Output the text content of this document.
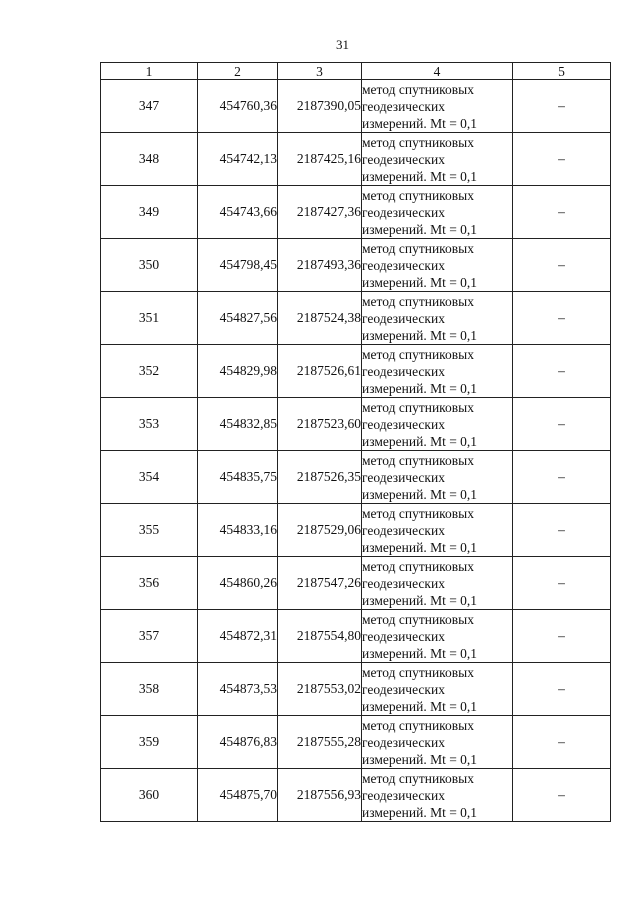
31
1	2	3	4	5
347	454760,36	2187390,05	метод спутниковых
геодезических
измерений. Mt = 0,1	–
348	454742,13	2187425,16	метод спутниковых
геодезических
измерений. Mt = 0,1	–
349	454743,66	2187427,36	метод спутниковых
геодезических
измерений. Mt = 0,1	–
350	454798,45	2187493,36	метод спутниковых
геодезических
измерений. Mt = 0,1	–
351	454827,56	2187524,38	метод спутниковых
геодезических
измерений. Mt = 0,1	–
352	454829,98	2187526,61	метод спутниковых
геодезических
измерений. Mt = 0,1	–
353	454832,85	2187523,60	метод спутниковых
геодезических
измерений. Mt = 0,1	–
354	454835,75	2187526,35	метод спутниковых
геодезических
измерений. Mt = 0,1	–
355	454833,16	2187529,06	метод спутниковых
геодезических
измерений. Mt = 0,1	–
356	454860,26	2187547,26	метод спутниковых
геодезических
измерений. Mt = 0,1	–
357	454872,31	2187554,80	метод спутниковых
геодезических
измерений. Mt = 0,1	–
358	454873,53	2187553,02	метод спутниковых
геодезических
измерений. Mt = 0,1	–
359	454876,83	2187555,28	метод спутниковых
геодезических
измерений. Mt = 0,1	–
360	454875,70	2187556,93	метод спутниковых
геодезических
измерений. Mt = 0,1	–
